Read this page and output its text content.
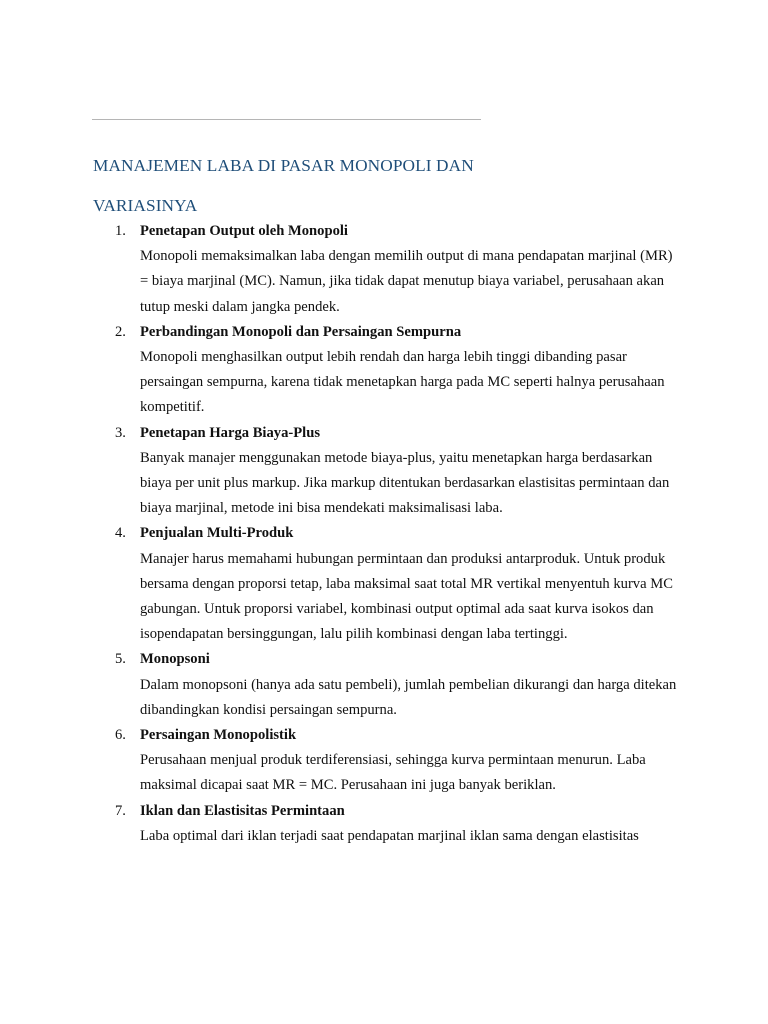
MANAJEMEN LABA DI PASAR MONOPOLI DAN
VARIASINYA
1. Penetapan Output oleh Monopoli

Monopoli memaksimalkan laba dengan memilih output di mana pendapatan marjinal (MR) = biaya marjinal (MC). Namun, jika tidak dapat menutup biaya variabel, perusahaan akan tutup meski dalam jangka pendek.

2. Perbandingan Monopoli dan Persaingan Sempurna

Monopoli menghasilkan output lebih rendah dan harga lebih tinggi dibanding pasar persaingan sempurna, karena tidak menetapkan harga pada MC seperti halnya perusahaan kompetitif.

3. Penetapan Harga Biaya-Plus

Banyak manajer menggunakan metode biaya-plus, yaitu menetapkan harga berdasarkan biaya per unit plus markup. Jika markup ditentukan berdasarkan elastisitas permintaan dan biaya marjinal, metode ini bisa mendekati maksimalisasi laba.

4. Penjualan Multi-Produk

Manajer harus memahami hubungan permintaan dan produksi antarproduk. Untuk produk bersama dengan proporsi tetap, laba maksimal saat total MR vertikal menyentuh kurva MC gabungan. Untuk proporsi variabel, kombinasi output optimal ada saat kurva isokos dan isopendapatan bersinggungan, lalu pilih kombinasi dengan laba tertinggi.

5. Monopsoni

Dalam monopsoni (hanya ada satu pembeli), jumlah pembelian dikurangi dan harga ditekan dibandingkan kondisi persaingan sempurna.

6. Persaingan Monopolistik

Perusahaan menjual produk terdiferensiasi, sehingga kurva permintaan menurun. Laba maksimal dicapai saat MR = MC. Perusahaan ini juga banyak beriklan.

7. Iklan dan Elastisitas Permintaan

Laba optimal dari iklan terjadi saat pendapatan marjinal iklan sama dengan elastisitas
